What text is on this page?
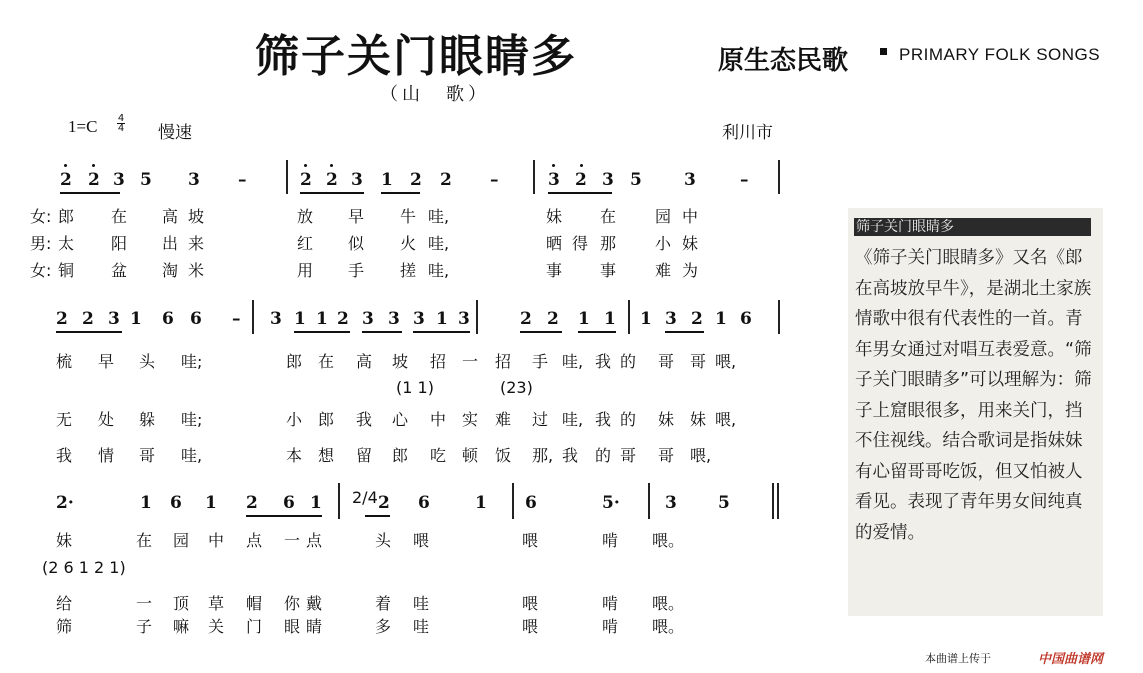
筛子关门眼睛多
（山　歌）
原生态民歌	PRIMARY FOLK SONGS
1=C 4
4 慢速	利川市
2 2 3 5 3 –	2 2 3 1 2 2 –	3 2 3 5 3	–
女: 郎 在 高 坡	放 早 牛 哇,	妹 在 园 中
男: 太 阳 出 来	红 似 火 哇,	晒 得 那 小 妹
女: 铜 盆 淘 米	用 手 搓 哇,	事 事 难 为
2 2 3 1 6 6 – 3 1 1 2 3 3 3 1 3	2 2 1 1 1 3 2 1 6
梳 早 头 哇;	郎 在 高 坡 招 一 招 手 哇, 我 的 哥 哥 喂,
无 处 躲 哇;	小 郎 我 心 中 实 难 过 哇, 我 的 妹 妹 喂,
我 情 哥 哇,	本 想 留 郎 吃 顿 饭 那, 我 的 哥 哥 喂,
(1 1)	(23)
2·	1 6 1 2 6 1	2 6	1 6	5·	3 5
2/4
妹	在 园 中 点 一 点	头 喂	喂	啃 喂。
给	一 顶 草 帽 你 戴	着 哇	喂	啃 喂。
筛	子 嘛 关 门 眼 睛	多 哇	喂	啃 喂。
(2 6 1 2 1)
筛子关门眼睛多
《筛子关门眼睛多》又名《郎在高坡放早牛》，是湖北土家族情歌中很有代表性的一首。青年男女通过对唱互表爱意。“筛子关门眼睛多”可以理解为：筛子上窟眼很多，用来关门，挡不住视线。结合歌词是指妹妹有心留哥哥吃饭，但又怕被人看见。表现了青年男女间纯真的爱情。
本曲谱上传于	中国曲谱网
